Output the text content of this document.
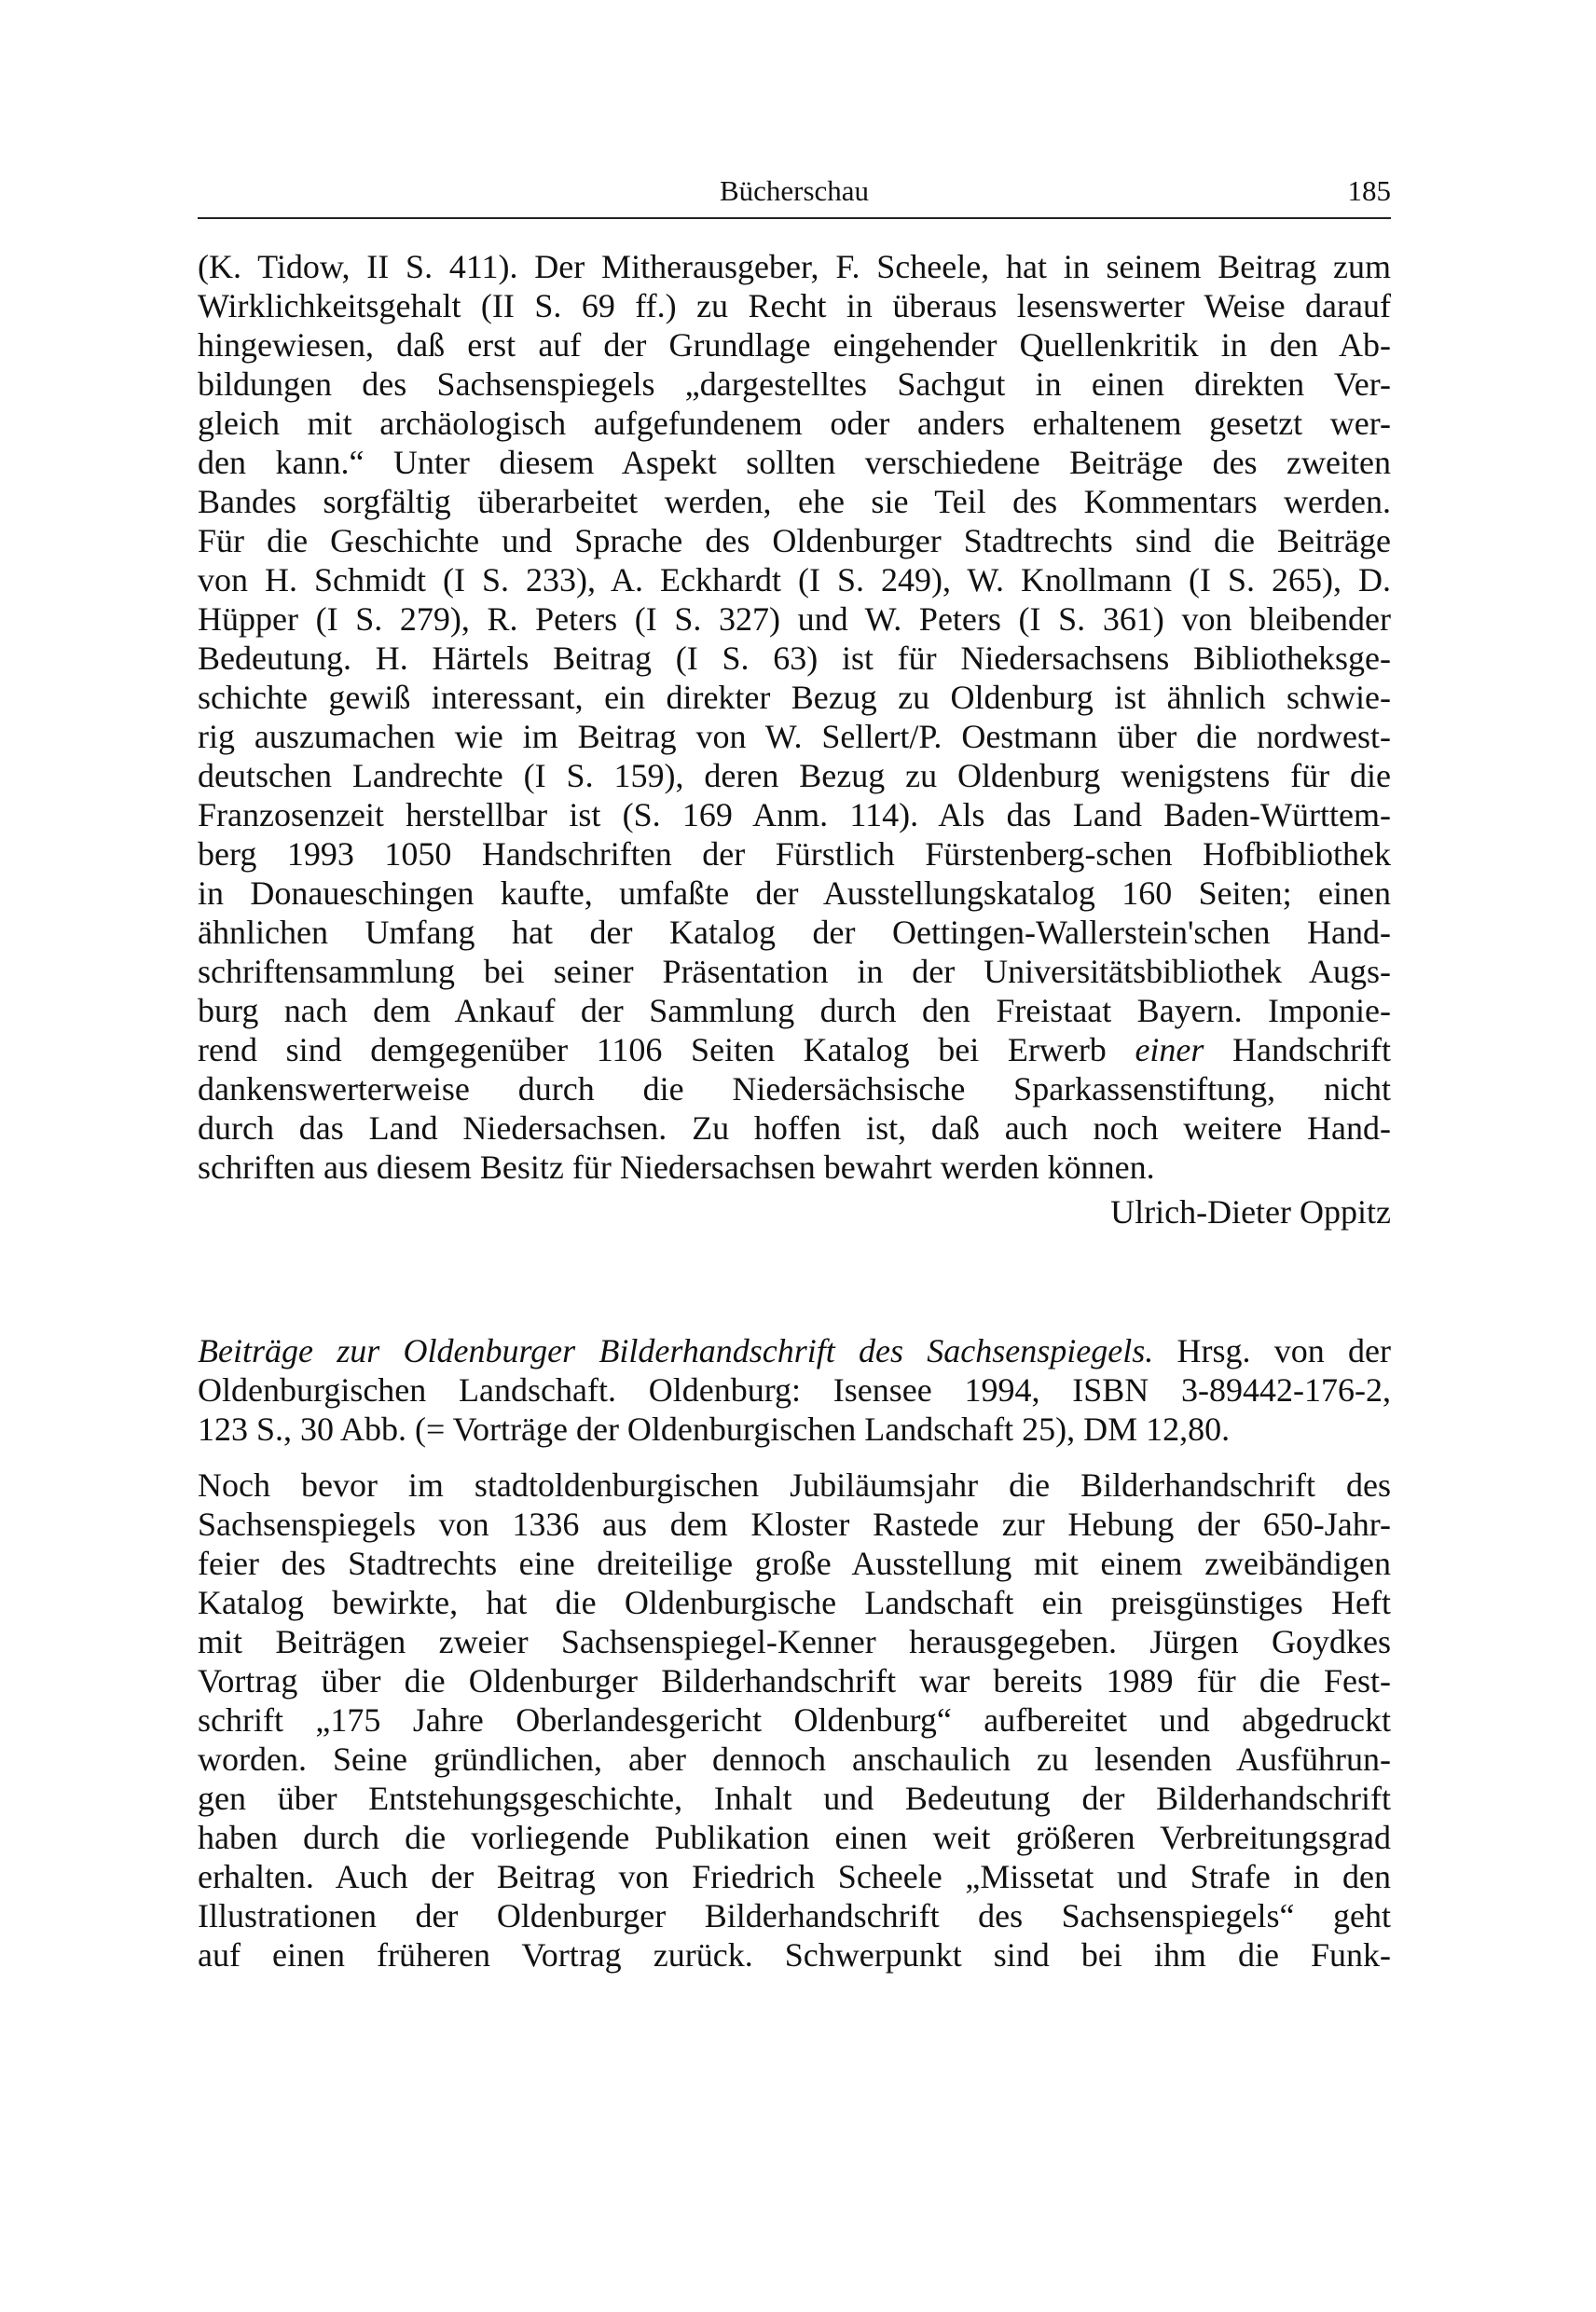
Bücherschau	185
(K. Tidow, II S. 411). Der Mitherausgeber, F. Scheele, hat in seinem Beitrag zum
Wirklichkeitsgehalt (II S. 69 ff.) zu Recht in überaus lesenswerter Weise darauf
hingewiesen, daß erst auf der Grundlage eingehender Quellenkritik in den Ab-
bildungen des Sachsenspiegels „dargestelltes Sachgut in einen direkten Ver-
gleich mit archäologisch aufgefundenem oder anders erhaltenem gesetzt wer-
den kann.“ Unter diesem Aspekt sollten verschiedene Beiträge des zweiten
Bandes sorgfältig überarbeitet werden, ehe sie Teil des Kommentars werden.
Für die Geschichte und Sprache des Oldenburger Stadtrechts sind die Beiträge
von H. Schmidt (I S. 233), A. Eckhardt (I S. 249), W. Knollmann (I S. 265), D.
Hüpper (I S. 279), R. Peters (I S. 327) und W. Peters (I S. 361) von bleibender
Bedeutung. H. Härtels Beitrag (I S. 63) ist für Niedersachsens Bibliotheksge-
schichte gewiß interessant, ein direkter Bezug zu Oldenburg ist ähnlich schwie-
rig auszumachen wie im Beitrag von W. Sellert/P. Oestmann über die nordwest-
deutschen Landrechte (I S. 159), deren Bezug zu Oldenburg wenigstens für die
Franzosenzeit herstellbar ist (S. 169 Anm. 114). Als das Land Baden-Württem-
berg 1993 1050 Handschriften der Fürstlich Fürstenberg-schen Hofbibliothek
in Donaueschingen kaufte, umfaßte der Ausstellungskatalog 160 Seiten; einen
ähnlichen Umfang hat der Katalog der Oettingen-Wallerstein'schen Hand-
schriftensammlung bei seiner Präsentation in der Universitätsbibliothek Augs-
burg nach dem Ankauf der Sammlung durch den Freistaat Bayern. Imponie-
rend sind demgegenüber 1106 Seiten Katalog bei Erwerb einer Handschrift
dankenswerterweise durch die Niedersächsische Sparkassenstiftung, nicht
durch das Land Niedersachsen. Zu hoffen ist, daß auch noch weitere Hand-
schriften aus diesem Besitz für Niedersachsen bewahrt werden können.
Ulrich-Dieter Oppitz
Beiträge zur Oldenburger Bilderhandschrift des Sachsenspiegels. Hrsg. von der
Oldenburgischen Landschaft. Oldenburg: Isensee 1994, ISBN 3-89442-176-2,
123 S., 30 Abb. (= Vorträge der Oldenburgischen Landschaft 25), DM 12,80.
Noch bevor im stadtoldenburgischen Jubiläumsjahr die Bilderhandschrift des
Sachsenspiegels von 1336 aus dem Kloster Rastede zur Hebung der 650-Jahr-
feier des Stadtrechts eine dreiteilige große Ausstellung mit einem zweibändigen
Katalog bewirkte, hat die Oldenburgische Landschaft ein preisgünstiges Heft
mit Beiträgen zweier Sachsenspiegel-Kenner herausgegeben. Jürgen Goydkes
Vortrag über die Oldenburger Bilderhandschrift war bereits 1989 für die Fest-
schrift „175 Jahre Oberlandesgericht Oldenburg“ aufbereitet und abgedruckt
worden. Seine gründlichen, aber dennoch anschaulich zu lesenden Ausführun-
gen über Entstehungsgeschichte, Inhalt und Bedeutung der Bilderhandschrift
haben durch die vorliegende Publikation einen weit größeren Verbreitungsgrad
erhalten. Auch der Beitrag von Friedrich Scheele „Missetat und Strafe in den
Illustrationen der Oldenburger Bilderhandschrift des Sachsenspiegels“ geht
auf einen früheren Vortrag zurück. Schwerpunkt sind bei ihm die Funk-
